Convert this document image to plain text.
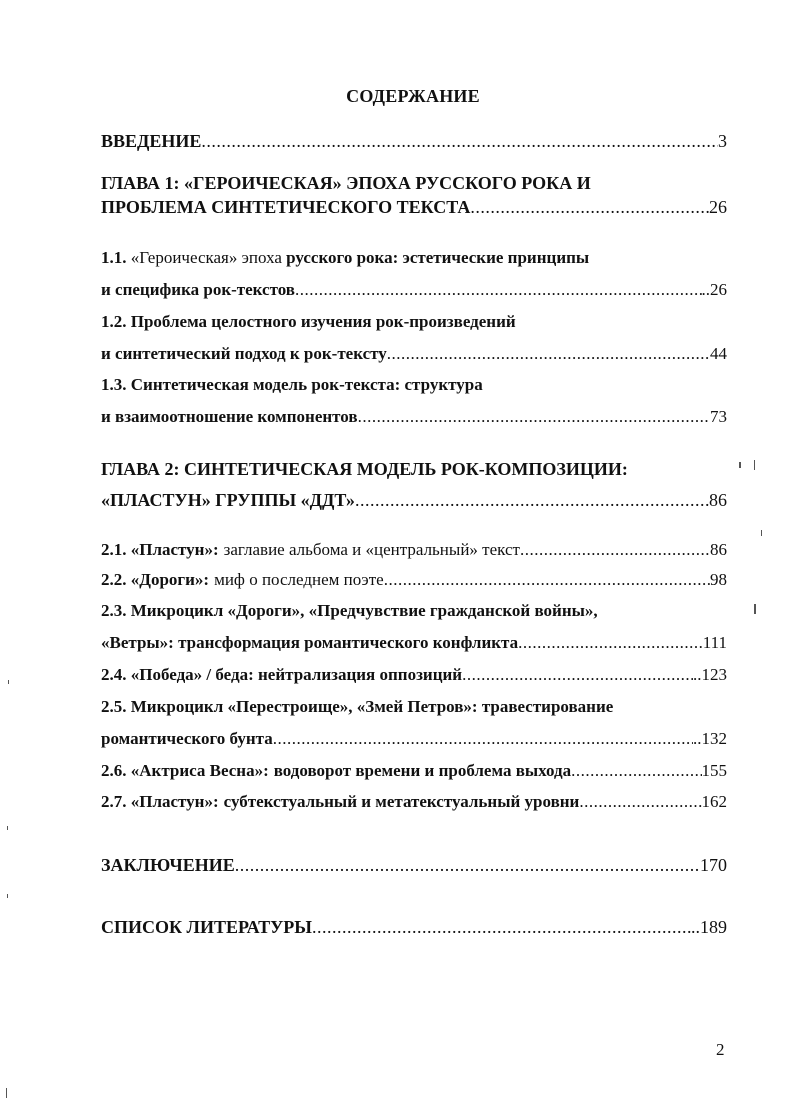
СОДЕРЖАНИЕ
ВВЕДЕНИЕ .....	3
ГЛАВА 1: «ГЕРОИЧЕСКАЯ» ЭПОХА РУССКОГО РОКА И
ПРОБЛЕМА СИНТЕТИЧЕСКОГО ТЕКСТА .....	26
1.1. «Героическая» эпоха русского рока: эстетические принципы
и специфика рок-текстов .....	..26
1.2. Проблема целостного изучения рок-произведений
и синтетический подход к рок-тексту .....	44
1.3. Синтетическая модель рок-текста: структура
и взаимоотношение компонентов .....	73
ГЛАВА 2: СИНТЕТИЧЕСКАЯ МОДЕЛЬ РОК-КОМПОЗИЦИИ:
«ПЛАСТУН» ГРУППЫ «ДДТ» .....	86
2.1. «Пластун»: заглавие альбома и «центральный» текст .....	86
2.2. «Дороги»: миф о последнем поэте .....	98
2.3. Микроцикл «Дороги», «Предчувствие гражданской войны»,
«Ветры»: трансформация романтического конфликта .....	111
2.4. «Победа» / беда: нейтрализация оппозиций .....	..123
2.5. Микроцикл «Перестроище», «Змей Петров»: травестирование
романтического бунта .....	..132
2.6. «Актриса Весна»: водоворот времени и проблема выхода .....	155
2.7. «Пластун»: субтекстуальный и метатекстуальный уровни .....	162
ЗАКЛЮЧЕНИЕ .....	170
СПИСОК ЛИТЕРАТУРЫ .....	..189
2
